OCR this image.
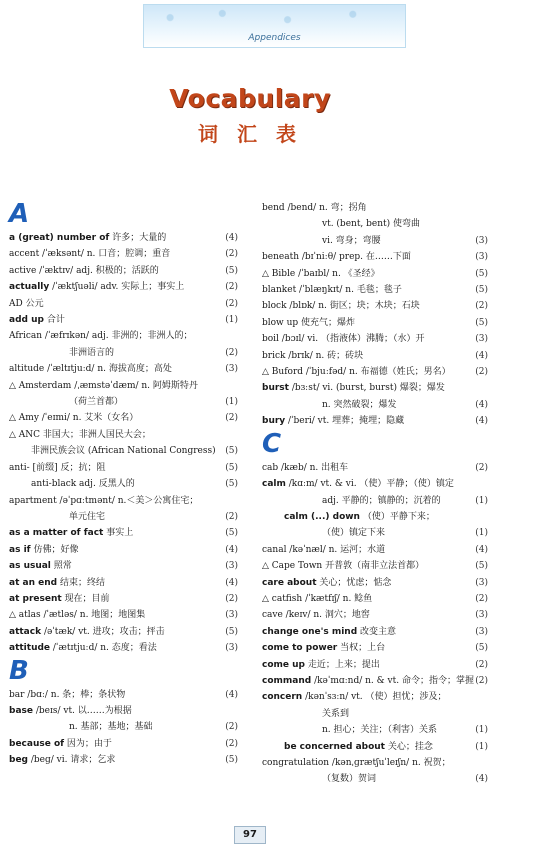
Appendices
Vocabulary
词 汇 表
A
a (great) number of 许多；大量的	(4)
accent /ˈæksənt/ n. 口音；腔调；重音	(2)
active /ˈæktɪv/ adj. 积极的；活跃的	(5)
actually /ˈæktʃuəli/ adv. 实际上；事实上	(2)
AD 公元	(2)
add up 合计	(1)
African /ˈæfrɪkən/ adj. 非洲的；非洲人的；
非洲语言的	(2)
altitude /ˈæltɪtjuːd/ n. 海拔高度；高处	(3)
△ Amsterdam /ˌæmstəˈdæm/ n. 阿姆斯特丹
（荷兰首都）	(1)
△ Amy /ˈeɪmi/ n. 艾米（女名）	(2)
△ ANC 非国大；非洲人国民大会；
非洲民族会议 (African National Congress) (5)
anti- [前缀] 反；抗；阻	(5)
anti-black adj. 反黑人的	(5)
apartment /əˈpɑːtmənt/ n.＜美＞公寓住宅；
单元住宅	(2)
as a matter of fact 事实上	(5)
as if 仿佛；好像	(4)
as usual 照常	(3)
at an end 结束；终结	(4)
at present 现在；目前	(2)
△ atlas /ˈætləs/ n. 地图；地图集	(3)
attack /əˈtæk/ vt. 进攻；攻击；抨击	(5)
attitude /ˈætɪtjuːd/ n. 态度；看法	(3)
B
bar /bɑː/ n. 条；棒；条状物	(4)
base /beɪs/ vt. 以……为根据
n. 基部；基地；基础	(2)
because of 因为；由于	(2)
beg /beg/ vi. 请求；乞求	(5)
bend /bend/ n. 弯；拐角
vt. (bent, bent) 使弯曲
vi. 弯身；弯腰	(3)
beneath /bɪˈniːθ/ prep. 在……下面	(3)
△ Bible /ˈbaɪbl/ n. 《圣经》	(5)
blanket /ˈblæŋkɪt/ n. 毛毯；毯子	(5)
block /blɒk/ n. 街区；块；木块；石块	(2)
blow up 使充气；爆炸	(5)
boil /bɔɪl/ vi. （指液体）沸腾；（水）开	(3)
brick /brɪk/ n. 砖；砖块	(4)
△ Buford /ˈbjuːfəd/ n. 布福德（姓氏；男名）	(2)
burst /bɜːst/ vi. (burst, burst) 爆裂；爆发
n. 突然破裂；爆发	(4)
bury /ˈberi/ vt. 埋葬；掩埋；隐藏	(4)
C
cab /kæb/ n. 出租车	(2)
calm /kɑːm/ vt. & vi. （使）平静；（使）镇定
adj. 平静的；镇静的；沉着的	(1)
calm (...) down （使）平静下来；
（使）镇定下来	(1)
canal /kəˈnæl/ n. 运河；水道	(4)
△ Cape Town 开普敦（南非立法首都）	(5)
care about 关心；忧虑；惦念	(3)
△ catfish /ˈkætfɪʃ/ n. 鲶鱼	(2)
cave /keɪv/ n. 洞穴；地窖	(3)
change one's mind 改变主意	(3)
come to power 当权；上台	(5)
come up 走近；上来；提出	(2)
command /kəˈmɑːnd/ n. & vt. 命令；指令；掌握 (2)
concern /kənˈsɜːn/ vt. （使）担忧；涉及；
关系到
n. 担心；关注；（利害）关系	(1)
be concerned about 关心；挂念	(1)
congratulation /kənˌɡrætʃuˈleɪʃn/ n. 祝贺；
（复数）贺词	(4)
97
